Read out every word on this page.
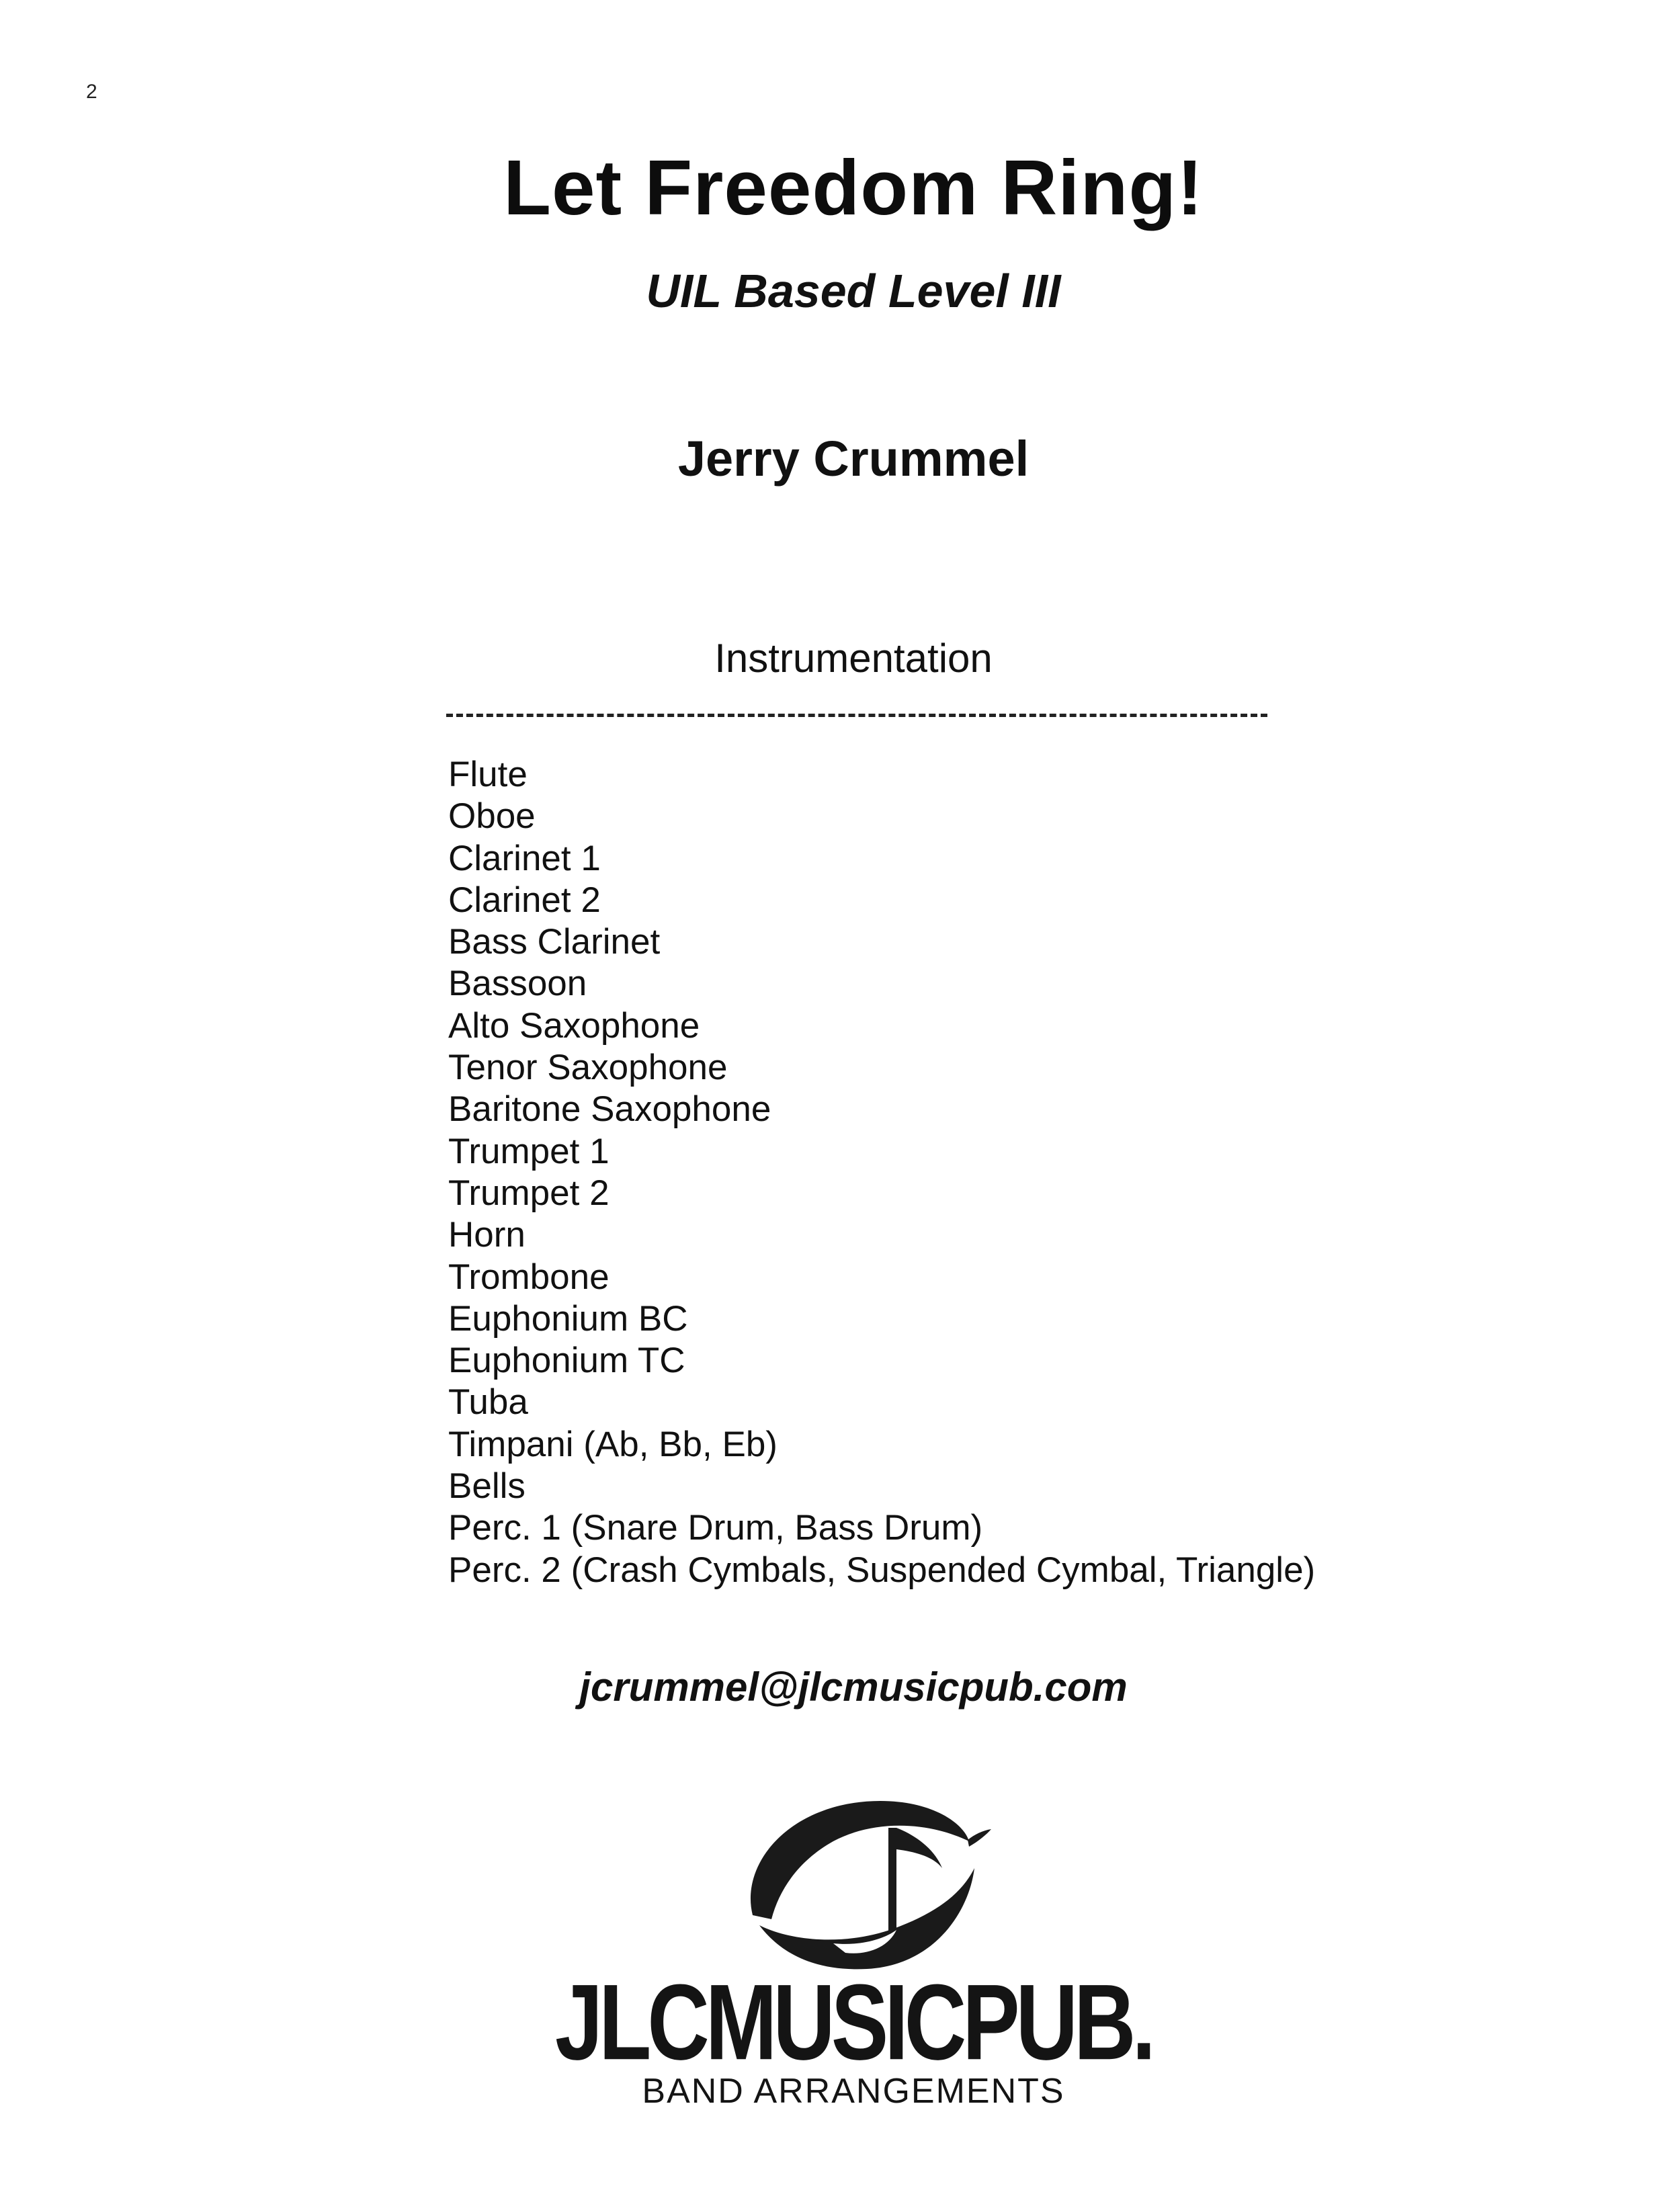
2
Let Freedom Ring!
UIL Based Level III
Jerry Crummel
Instrumentation
Flute
Oboe
Clarinet 1
Clarinet 2
Bass Clarinet
Bassoon
Alto Saxophone
Tenor Saxophone
Baritone Saxophone
Trumpet 1
Trumpet 2
Horn
Trombone
Euphonium BC
Euphonium TC
Tuba
Timpani (Ab, Bb, Eb)
Bells
Perc. 1 (Snare Drum, Bass Drum)
Perc. 2 (Crash Cymbals, Suspended Cymbal, Triangle)
jcrummel@jlcmusicpub.com
JLCMUSICPUB.
BAND ARRANGEMENTS
